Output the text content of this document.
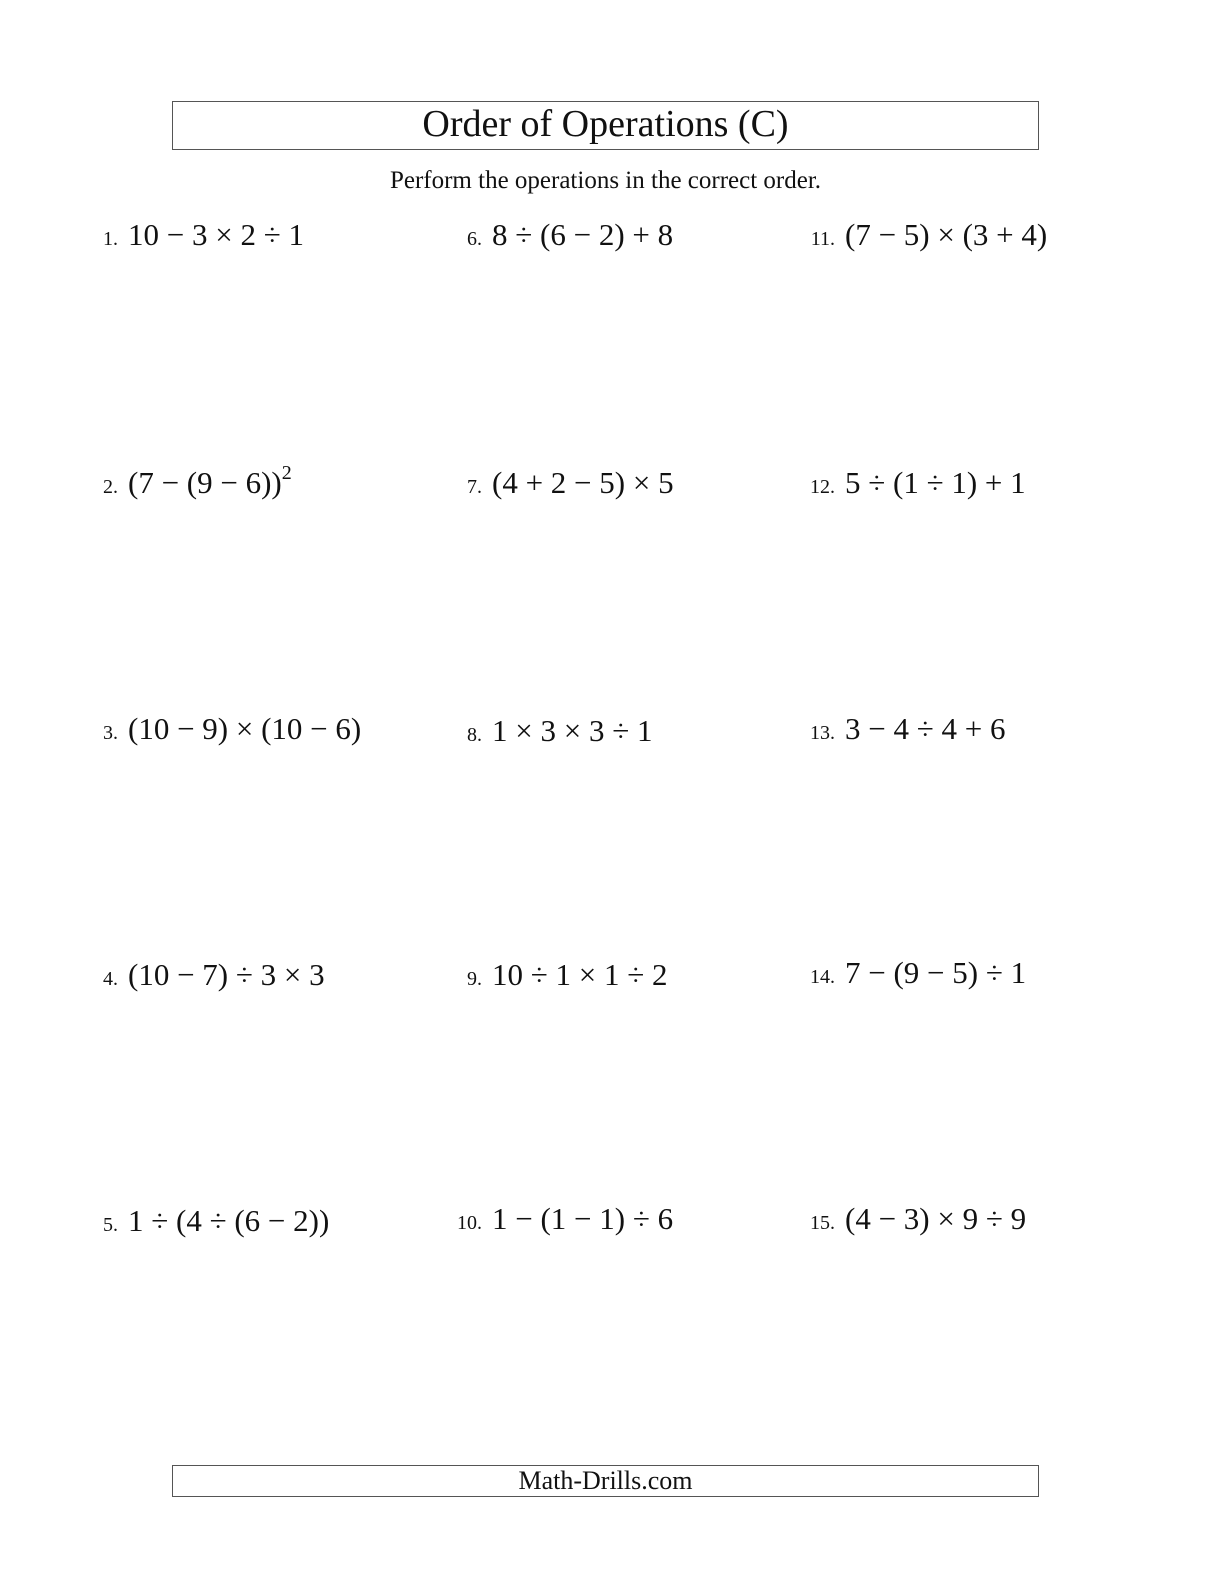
Order of Operations (C)
Perform the operations in the correct order.
1. 10 − 3 × 2 ÷ 1
2. $(7 - (9 - 6))^2$
3. (10 − 9) × (10 − 6)
4. (10 − 7) ÷ 3 × 3
5. 1 ÷ (4 ÷ (6 − 2))
6. 8 ÷ (6 − 2) + 8
7. (4 + 2 − 5) × 5
8. 1 × 3 × 3 ÷ 1
9. 10 ÷ 1 × 1 ÷ 2
10. 1 − (1 − 1) ÷ 6
11. (7 − 5) × (3 + 4)
12. 5 ÷ (1 ÷ 1) + 1
13. 3 − 4 ÷ 4 + 6
14. 7 − (9 − 5) ÷ 1
15. (4 − 3) × 9 ÷ 9
Math-Drills.com
